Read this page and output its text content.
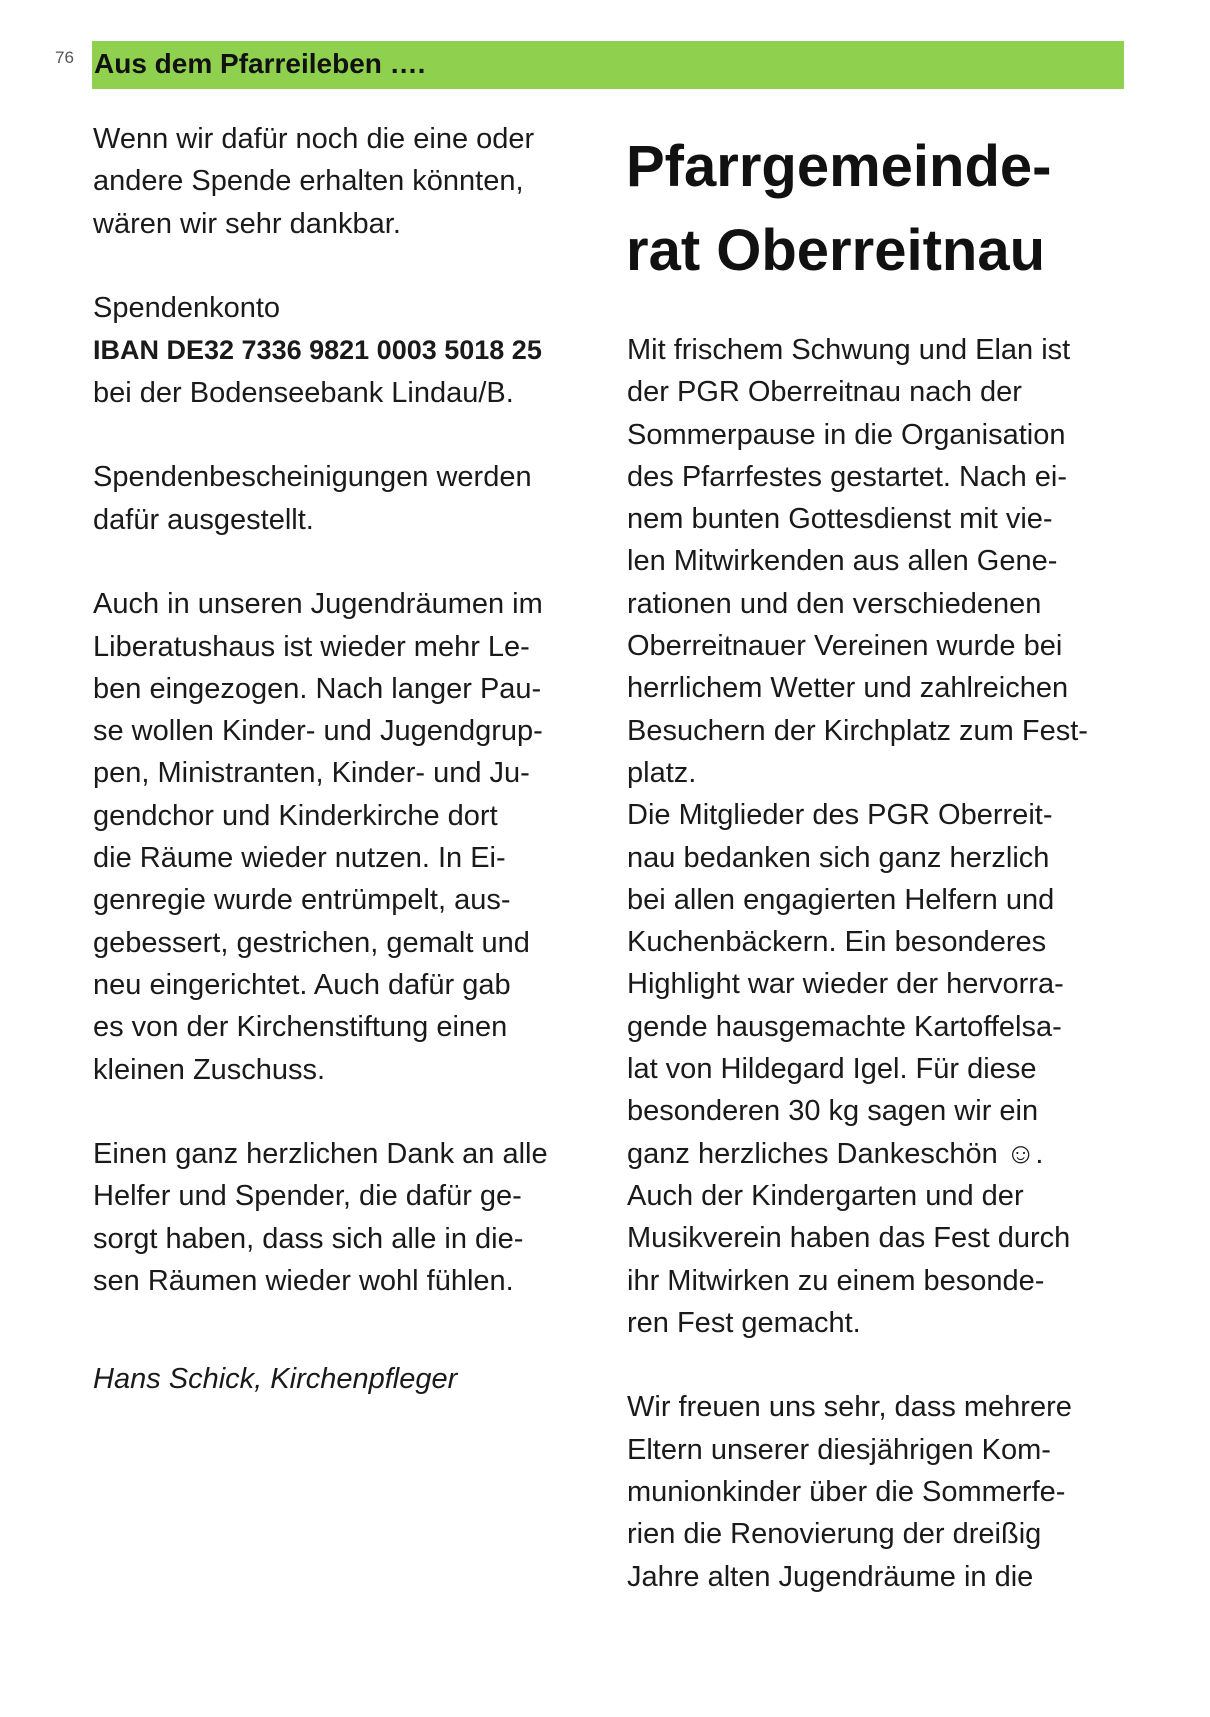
76 Aus dem Pfarreileben ….

Wenn wir dafür noch die eine oder
andere Spende erhalten könnten,
wären wir sehr dankbar.

Spendenkonto

IBAN DE32 7336 9821 0003 5018 25

bei der Bodenseebank Lindau/B.

Spendenbescheinigungen werden
dafür ausgestellt.

Auch in unseren Jugendräumen im
Liberatushaus ist wieder mehr Le-
ben eingezogen. Nach langer Pau-
se wollen Kinder- und Jugendgrup-
pen, Ministranten, Kinder- und Ju-
gendchor und Kinderkirche dort
die Räume wieder nutzen. In Ei-
genregie wurde entrümpelt, aus-
gebessert, gestrichen, gemalt und
neu eingerichtet. Auch dafür gab
es von der Kirchenstiftung einen
kleinen Zuschuss.

Einen ganz herzlichen Dank an alle
Helfer und Spender, die dafür ge-
sorgt haben, dass sich alle in die-
sen Räumen wieder wohl fühlen.

Hans Schick, Kirchenpfleger

Pfarrgemeinde-
rat Oberreitnau

Mit frischem Schwung und Elan ist
der PGR Oberreitnau nach der
Sommerpause in die Organisation
des Pfarrfestes gestartet. Nach ei-
nem bunten Gottesdienst mit vie-
len Mitwirkenden aus allen Gene-
rationen und den verschiedenen
Oberreitnauer Vereinen wurde bei
herrlichem Wetter und zahlreichen
Besuchern der Kirchplatz zum Fest-
platz.
Die Mitglieder des PGR Oberreit-
nau bedanken sich ganz herzlich
bei allen engagierten Helfern und
Kuchenbäckern. Ein besonderes
Highlight war wieder der hervorra-
gende hausgemachte Kartoffelsa-
lat von Hildegard Igel. Für diese
besonderen 30 kg sagen wir ein
ganz herzliches Dankeschön ☺.
Auch der Kindergarten und der
Musikverein haben das Fest durch
ihr Mitwirken zu einem besonde-
ren Fest gemacht.

Wir freuen uns sehr, dass mehrere
Eltern unserer diesjährigen Kom-
munionkinder über die Sommerfe-
rien die Renovierung der dreißig
Jahre alten Jugendräume in die
